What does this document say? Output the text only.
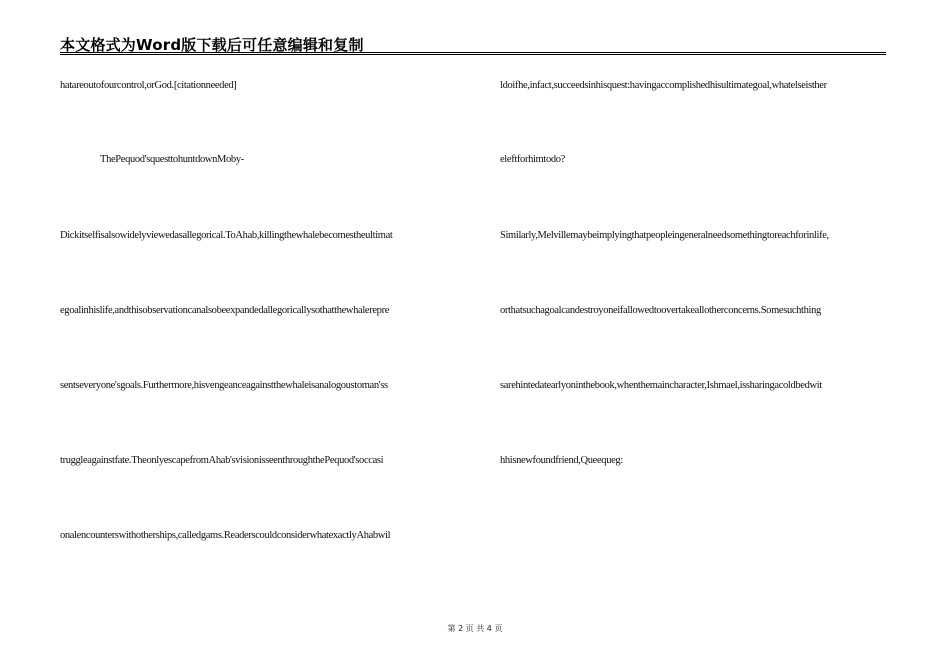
本文格式为Word版下载后可任意编辑和复制
hatareoutofourcontrol,orGod.[citationneeded]
ThePequod'squesttohuntdownMoby-
Dickitselfisalsowidelyviewedasallegorical.ToAhab,killingthewhalebecomestheultimat
egoalinhislife,andthisobservationcanalsobeexpandedallegoricallysothatthewhalerepre
sentseveryone'sgoals.Furthermore,hisvengeanceagainstthewhaleisanalogoustoman'ss
truggleagainstfate.TheonlyescapefromAhab'svisionisseenthroughthePequod'soccasi
onalencounterswithotherships,calledgams.ReaderscouldconsiderwhatexactlyAhabwil
ldoifhe,infact,succeedsinhisquest:havingaccomplishedhisultimategoal,whatelseisther
eleftforhimtodo?
Similarly,Melvillemaybeimplyingthatpeopleingeneralneedsomethingtoreachforinlife,
orthatsuchagoalcandestroyoneifallowedtoovertakeallotherconcerns.Somesuchthing
sarehintedatearlyoninthebook,whenthemaincharacter,Ishmael,issharingacoldbedwit
hhisnewfoundfriend,Queequeg:
第 2 页 共 4 页
